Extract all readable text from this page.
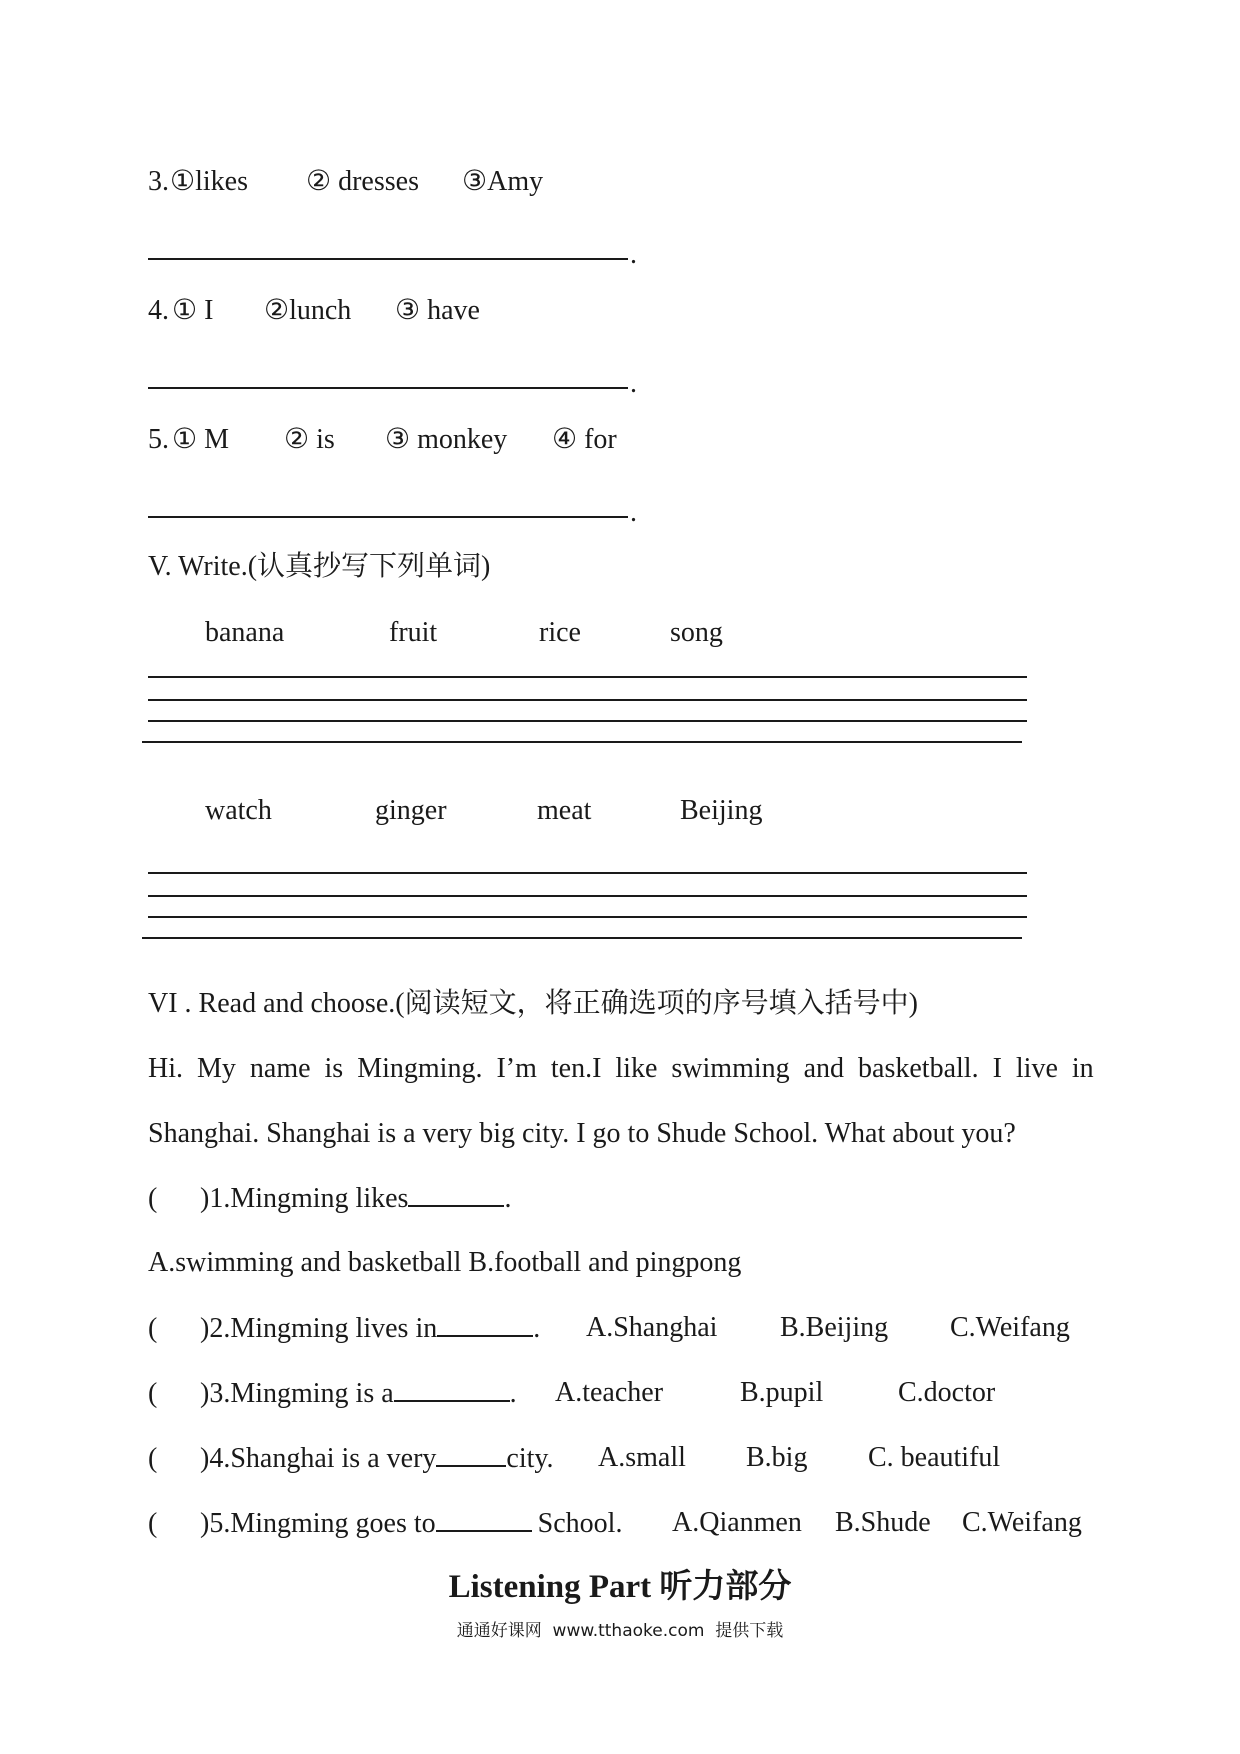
3. ①likes ② dresses ③Amy
.
4. ① I ②lunch ③ have
.
5. ① M ② is ③ monkey ④ for
.
V. Write.(认真抄写下列单词)
banana	fruit	rice	song
watch	ginger	meat	Beijing
VI . Read and choose.(阅读短文，将正确选项的序号填入括号中)
Hi.  My  name  is  Mingming.  I’m  ten.I  like  swimming  and  basketball.  I  live  in
Shanghai. Shanghai is a very big city. I go to Shude School. What about you?
( )1.Mingming likes	.
A.swimming and basketball B.football and pingpong
( )2.Mingming lives in	. A.Shanghai B.Beijing C.Weifang
( )3.Mingming is a	. A.teacher	B.pupil	C.doctor
( )4.Shanghai is a very	city. A.small B.big C. beautiful
( )5.Mingming goes to	School. A.Qianmen B.Shude C.Weifang
Listening Part 听力部分
通通好课网  www.tthaoke.com  提供下载
